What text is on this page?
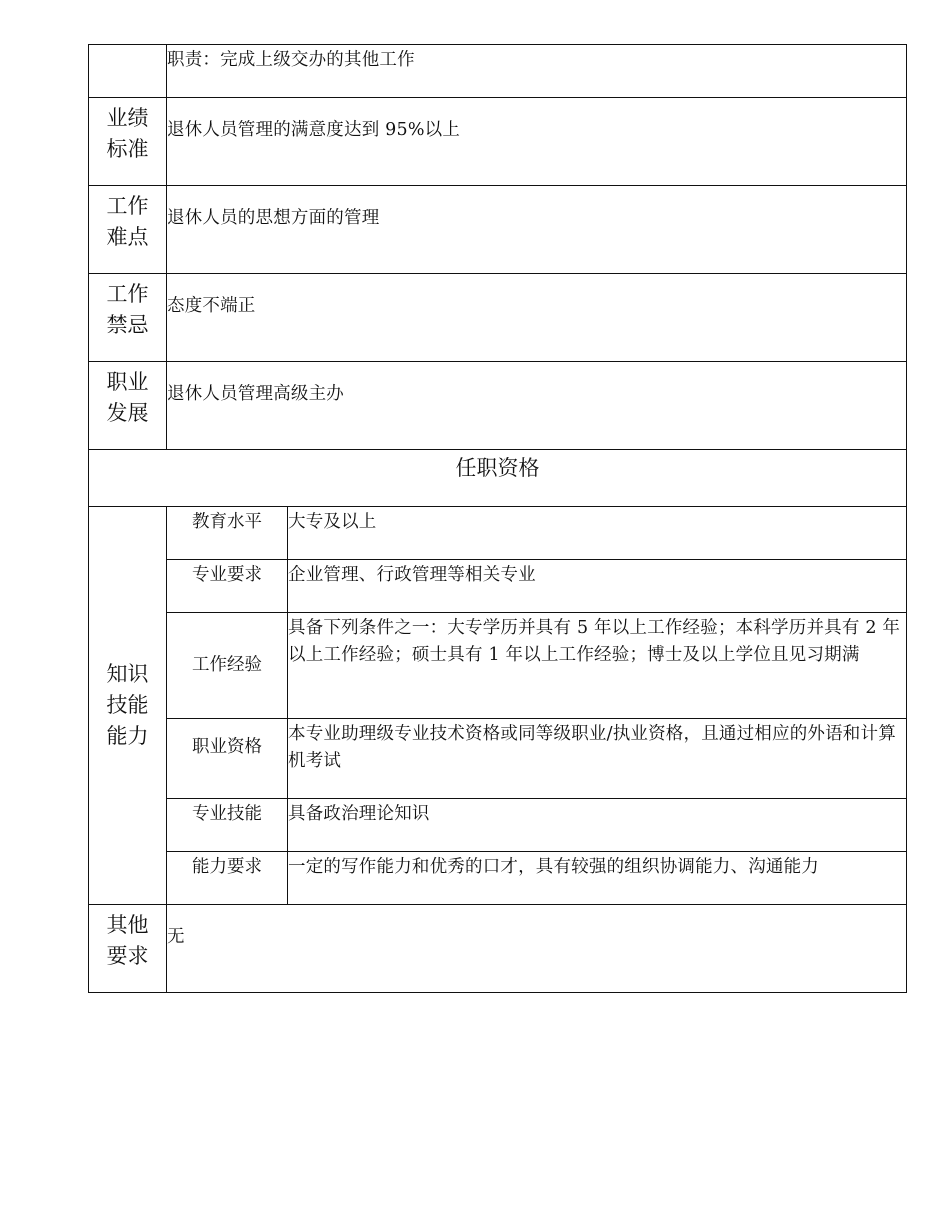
	职责：完成上级交办的其他工作	

业绩
标准	退休人员管理的满意度达到 95%以上	

工作
难点	退休人员的思想方面的管理	

工作
禁忌	态度不端正	

职业
发展	退休人员管理高级主办	
任职资格		

知识
技能
能力	教育水平	大专及以上
	专业要求	企业管理、行政管理等相关专业
	工作经验	具备下列条件之一：大专学历并具有 5 年以上工作经验；本科学历并具有 2 年以上工作经验；硕士具有 1 年以上工作经验；博士及以上学位且见习期满
	职业资格	本专业助理级专业技术资格或同等级职业/执业资格，且通过相应的外语和计算机考试
	专业技能	具备政治理论知识
	能力要求	一定的写作能力和优秀的口才，具有较强的组织协调能力、沟通能力

其他
要求	无	
